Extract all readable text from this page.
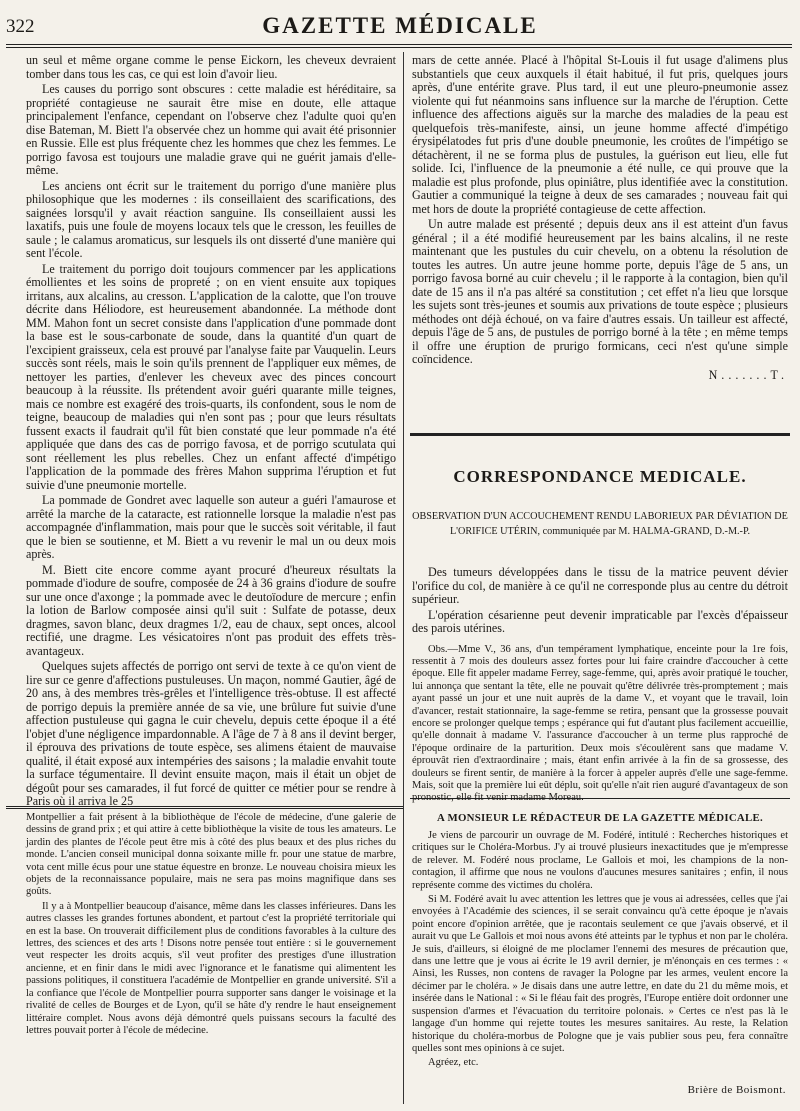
322	GAZETTE MÉDICALE

un seul et même organe comme le pense Eickorn, les cheveux devraient tomber dans tous les cas, ce qui est loin d'avoir lieu.

Les causes du porrigo sont obscures : cette maladie est héréditaire, sa propriété contagieuse ne saurait être mise en doute, elle attaque principalement l'enfance, cependant on l'observe chez l'adulte quoi qu'en dise Bateman, M. Biett l'a observée chez un homme qui avait été prisonnier en Russie. Elle est plus fréquente chez les hommes que chez les femmes. Le porrigo favosa est toujours une maladie grave qui ne guérit jamais d'elle-même.

Les anciens ont écrit sur le traitement du porrigo d'une manière plus philosophique que les modernes : ils conseillaient des scarifications, des saignées lorsqu'il y avait réaction sanguine. Ils conseillaient aussi les laxatifs, puis une foule de moyens locaux tels que le cresson, les feuilles de saule ; le calamus aromaticus, sur lesquels ils ont disserté d'une manière qui sent l'école.

Le traitement du porrigo doit toujours commencer par les applications émollientes et les soins de propreté ; on en vient ensuite aux topiques irritans, aux alcalins, au cresson. L'application de la calotte, que l'on trouve décrite dans Héliodore, est heureusement abandonnée. La méthode dont MM. Mahon font un secret consiste dans l'application d'une pommade dont la base est le sous-carbonate de soude, dans la quantité d'un quart de l'excipient graisseux, cela est prouvé par l'analyse faite par Vauquelin. Leurs succès sont réels, mais le soin qu'ils prennent de l'appliquer eux mêmes, de nettoyer les parties, d'enlever les cheveux avec des pinces concourt beaucoup à la réussite. Ils prétendent avoir guéri quarante mille teignes, mais ce nombre est exagéré des trois-quarts, ils confondent, sous le nom de teigne, beaucoup de maladies qui n'en sont pas ; pour que leurs résultats fussent exacts il faudrait qu'il fût bien constaté que leur pommade n'a été appliquée que dans des cas de porrigo favosa, et de porrigo scutulata qui sont réellement les plus rebelles. Chez un enfant affecté d'impétigo l'application de la pommade des frères Mahon supprima l'éruption et fut suivie d'une pneumonie mortelle.

La pommade de Gondret avec laquelle son auteur a guéri l'amaurose et arrêté la marche de la cataracte, est rationnelle lorsque la maladie n'est pas accompagnée d'inflammation, mais pour que le succès soit véritable, il faut que le bien se soutienne, et M. Biett a vu revenir le mal un ou deux mois après.

M. Biett cite encore comme ayant procuré d'heureux résultats la pommade d'iodure de soufre, composée de 24 à 36 grains d'iodure de soufre sur une once d'axonge ; la pommade avec le deutoïodure de mercure ; enfin la lotion de Barlow composée ainsi qu'il suit : Sulfate de potasse, deux dragmes, savon blanc, deux dragmes 1/2, eau de chaux, sept onces, alcool rectifié, une dragme. Les vésicatoires n'ont pas produit des effets très-avantageux.

Quelques sujets affectés de porrigo ont servi de texte à ce qu'on vient de lire sur ce genre d'affections pustuleuses. Un maçon, nommé Gautier, âgé de 20 ans, à des membres très-grêles et l'intelligence très-obtuse. Il est affecté de porrigo depuis la première année de sa vie, une brûlure fut suivie d'une affection pustuleuse qui gagna le cuir chevelu, depuis cette époque il a été l'objet d'une négligence impardonnable. A l'âge de 7 à 8 ans il devint berger, il éprouva des privations de toute espèce, ses alimens étaient de mauvaise qualité, il était exposé aux intempéries des saisons ; la maladie envahit toute la surface tégumentaire. Il devint ensuite maçon, mais il était un objet de dégoût pour ses camarades, il fut forcé de quitter ce métier pour se rendre à Paris où il arriva le 25

mars de cette année. Placé à l'hôpital St-Louis il fut usage d'alimens plus substantiels que ceux auxquels il était habitué, il fut pris, quelques jours après, d'une entérite grave. Plus tard, il eut une pleuro-pneumonie assez violente qui fut néanmoins sans influence sur la marche de l'éruption. Cette influence des affections aiguës sur la marche des maladies de la peau est quelquefois très-manifeste, ainsi, un jeune homme affecté d'impétigo érysipélatodes fut pris d'une double pneumonie, les croûtes de l'impétigo se détachèrent, il ne se forma plus de pustules, la guérison eut lieu, elle fut solide. Ici, l'influence de la pneumonie a été nulle, ce qui prouve que la maladie est plus profonde, plus opiniâtre, plus identifiée avec la constitution. Gautier a communiqué la teigne à deux de ses camarades ; nouveau fait qui met hors de doute la propriété contagieuse de cette affection.

Un autre malade est présenté ; depuis deux ans il est atteint d'un favus général ; il a été modifié heureusement par les bains alcalins, il ne reste maintenant que les pustules du cuir chevelu, on a obtenu la résolution de toutes les autres. Un autre jeune homme porte, depuis l'âge de 5 ans, un porrigo favosa borné au cuir chevelu ; il le rapporte à la contagion, bien qu'il date de 15 ans il n'a pas altéré sa constitution ; cet effet n'a lieu que lorsque les sujets sont très-jeunes et soumis aux privations de toute espèce ; plusieurs méthodes ont déjà échoué, on va faire d'autres essais. Un tailleur est affecté, depuis l'âge de 5 ans, de pustules de porrigo borné à la tête ; en même temps il offre une éruption de prurigo formicans, ceci n'est qu'une simple coïncidence.

N.......T.
CORRESPONDANCE MEDICALE.
OBSERVATION D'UN ACCOUCHEMENT RENDU LABORIEUX PAR DÉVIATION DE L'ORIFICE UTÉRIN, communiquée par M. HALMA-GRAND, D.-M.-P.

Des tumeurs développées dans le tissu de la matrice peuvent dévier l'orifice du col, de manière à ce qu'il ne corresponde plus au centre du détroit supérieur.

L'opération césarienne peut devenir impraticable par l'excès d'épaisseur des parois utérines.

Obs.—Mme V., 36 ans, d'un tempérament lymphatique, enceinte pour la 1re fois, ressentit à 7 mois des douleurs assez fortes pour lui faire craindre d'accoucher à cette époque. Elle fit appeler madame Ferrey, sage-femme, qui, après avoir pratiqué le toucher, lui annonça que sentant la tête, elle ne pouvait qu'être délivrée très-promptement ; mais ayant passé un jour et une nuit auprès de la dame V., et voyant que le travail, loin d'avancer, restait stationnaire, la sage-femme se retira, pensant que la grossesse pouvait encore se prolonger quelque temps ; espérance qui fut d'autant plus facilement accueillie, qu'elle donnait à madame V. l'assurance d'accoucher à un terme plus rapproché de l'époque ordinaire de la parturition. Deux mois s'écoulèrent sans que madame V. éprouvât rien d'extraordinaire ; mais, étant enfin arrivée à la fin de sa grossesse, des douleurs se firent sentir, de manière à la forcer à appeler auprès d'elle une sage-femme. Mais, soit que la première lui eût déplu, soit qu'elle n'ait rien auguré d'avantageux de son pronostic, elle fit venir madame Moreau.

A MONSIEUR LE RÉDACTEUR DE LA GAZETTE MÉDICALE.

Je viens de parcourir un ouvrage de M. Fodéré, intitulé : Recherches historiques et critiques sur le Choléra-Morbus. J'y ai trouvé plusieurs inexactitudes que je m'empresse de relever. M. Fodéré nous proclame, Le Gallois et moi, les champions de la non-contagion, il affirme que nous ne voulons d'aucunes mesures sanitaires ; enfin, il nous représente comme des victimes du choléra.

Si M. Fodéré avait lu avec attention les lettres que je vous ai adressées, celles que j'ai envoyées à l'Académie des sciences, il se serait convaincu qu'à cette époque je n'avais point encore d'opinion arrêtée, que je racontais seulement ce que j'avais observé, et il aurait vu que Le Gallois et moi nous avons été atteints par le typhus et non par le choléra. Je suis, d'ailleurs, si éloigné de me ploclamer l'ennemi des mesures de précaution que, dans une lettre que je vous ai écrite le 19 avril dernier, je m'énonçais en ces termes : « Ainsi, les Russes, non contens de ravager la Pologne par les armes, veulent encore la décimer par le choléra. » Je disais dans une autre lettre, en date du 21 du même mois, et insérée dans le National : « Si le fléau fait des progrès, l'Europe entière doit ordonner une suspension d'armes et l'évacuation du territoire polonais. » Certes ce n'est pas là le langage d'un homme qui rejette toutes les mesures sanitaires. Au reste, la Relation historique du choléra-morbus de Pologne que je vais publier sous peu, fera connaître quelles sont mes opinions à ce sujet.

Agréez, etc.

Brière de Boismont.

Montpellier a fait présent à la bibliothèque de l'école de médecine, d'une galerie de dessins de grand prix ; et qui attire à cette bibliothèque la visite de tous les amateurs. Le jardin des plantes de l'école peut être mis à côté des plus beaux et des plus riches du monde. L'ancien conseil municipal donna soixante mille fr. pour une statue de marbre, vota cent mille écus pour une statue équestre en bronze. Le nouveau choisira mieux les objets de la reconnaissance populaire, mais ne sera pas moins magnifique dans ses goûts.

Il y a à Montpellier beaucoup d'aisance, même dans les classes inférieures. Dans les autres classes les grandes fortunes abondent, et partout c'est la propriété territoriale qui en est la base. On trouverait difficilement plus de conditions favorables à la culture des lettres, des sciences et des arts ! Disons notre pensée tout entière : si le gouvernement veut respecter les droits acquis, s'il veut profiter des prestiges d'une illustration ancienne, et en finir dans le midi avec l'ignorance et le fanatisme qui alimentent les passions politiques, il constituera l'académie de Montpellier en grande université. S'il a la confiance que l'école de Montpellier pourra supporter sans danger le voisinage et la rivalité de celles de Bourges et de Lyon, qu'il se hâte d'y rendre le haut enseignement littéraire complet. Nous avons déjà démontré quels puissans secours la faculté des lettres pouvait porter à l'école de médecine.
